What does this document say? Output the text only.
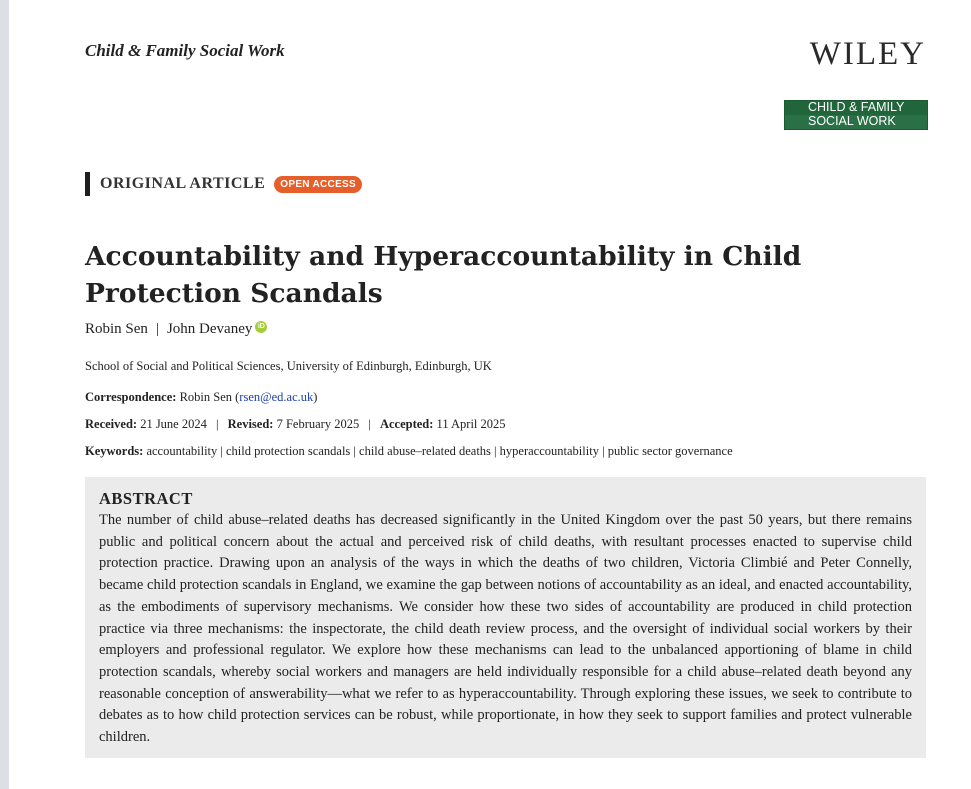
Child & Family Social Work	WILEY
CHILD & FAMILY
SOCIAL WORK
ORIGINAL ARTICLE	OPEN ACCESS
Accountability and Hyperaccountability in Child Protection Scandals
Robin Sen | John Devaney iD
School of Social and Political Sciences, University of Edinburgh, Edinburgh, UK
Correspondence: Robin Sen (rsen@ed.ac.uk)
Received: 21 June 2024 | Revised: 7 February 2025 | Accepted: 11 April 2025
Keywords: accountability | child protection scandals | child abuse–related deaths | hyperaccountability | public sector governance
ABSTRACT

The number of child abuse–related deaths has decreased significantly in the United Kingdom over the past 50 years, but there remains public and political concern about the actual and perceived risk of child deaths, with resultant processes enacted to supervise child protection practice. Drawing upon an analysis of the ways in which the deaths of two children, Victoria Climbié and Peter Connelly, became child protection scandals in England, we examine the gap between notions of accountability as an ideal, and enacted accountability, as the embodiments of supervisory mechanisms. We consider how these two sides of accountability are produced in child protection practice via three mechanisms: the inspectorate, the child death review process, and the oversight of individual social workers by their employers and professional regulator. We explore how these mechanisms can lead to the unbalanced apportioning of blame in child protection scandals, whereby social workers and managers are held individually responsible for a child abuse–related death beyond any reasonable conception of answerability—what we refer to as hyperaccountability. Through exploring these issues, we seek to contribute to debates as to how child protection services can be robust, while proportionate, in how they seek to support families and protect vulnerable children.
